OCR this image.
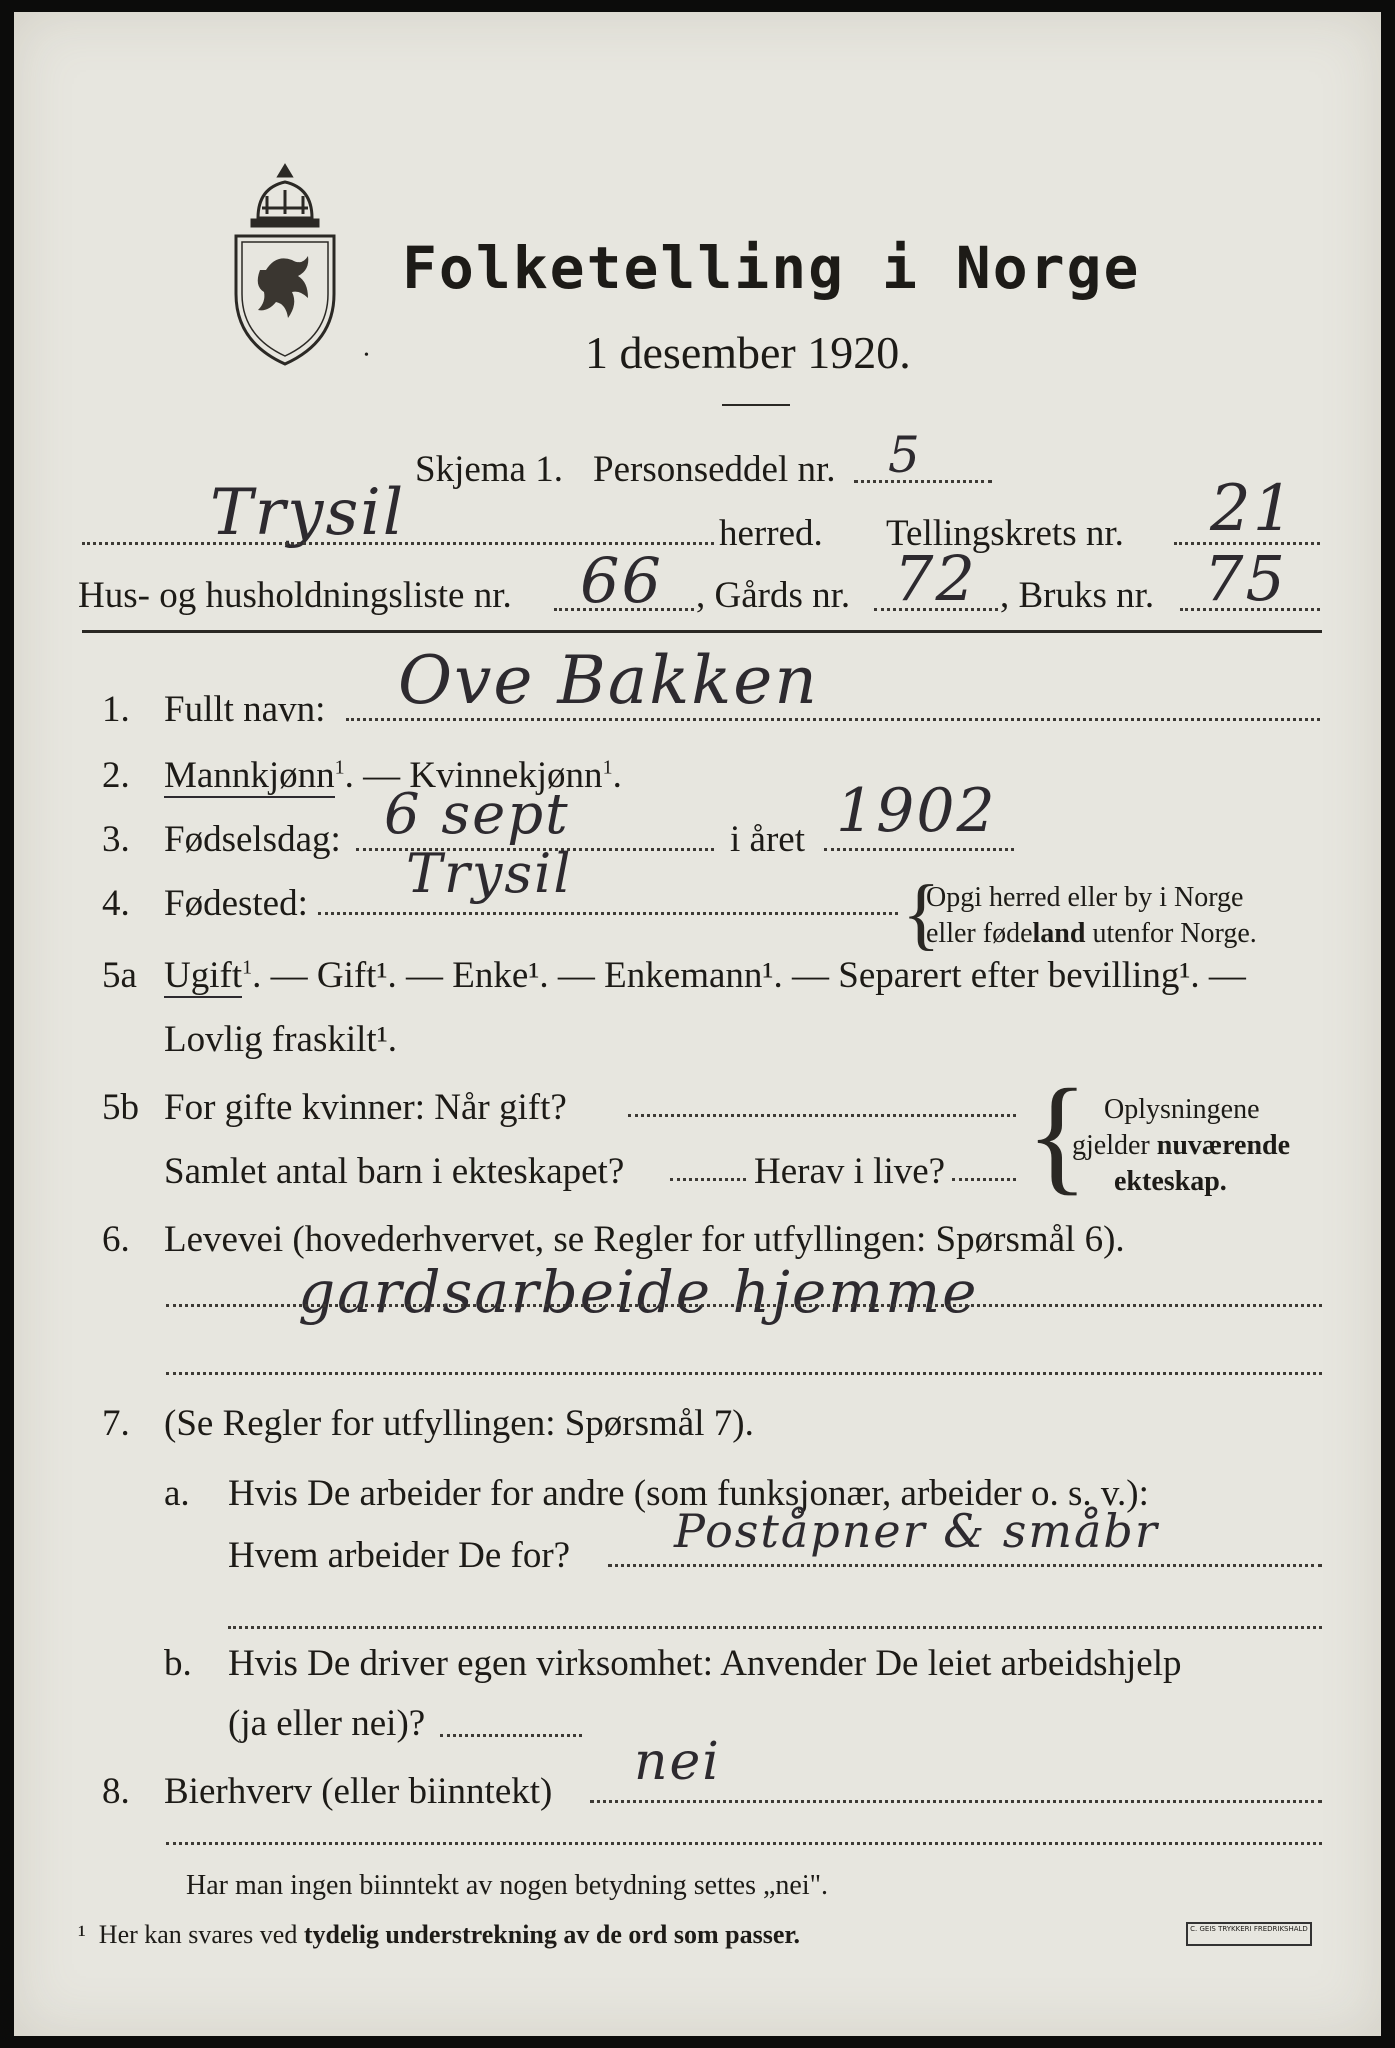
Folketelling i Norge
1 desember 1920.
•
Skjema 1. Personseddel nr. 5
Trysil	herred. Tellingskrets nr. 21
Hus- og husholdningsliste nr. 66 , Gårds nr. 72 , Bruks nr. 75
1. Fullt navn: Ove Bakken
2. Mannkjønn$^1$. — Kvinnekjønn$^1$.
3. Fødselsdag: 6 sept	i året 1902
4. Fødested: Trysil	{
Opgi herred eller by i Norge
eller fødeland utenfor Norge.
5a Ugift$^1$. — Gift¹. — Enke¹. — Enkemann¹. — Separert efter bevilling¹. —
Lovlig fraskilt¹.
5b For gifte kvinner: Når gift?
Samlet antal barn i ekteskapet?	Herav i live? { Oplysningene
gjelder nuværende
ekteskap.
6. Levevei (hovederhvervet, se Regler for utfyllingen: Spørsmål 6).
gardsarbeide hjemme
7. (Se Regler for utfyllingen: Spørsmål 7).
a. Hvis De arbeider for andre (som funksjonær, arbeider o. s. v.):
Hvem arbeider De for? Poståpner & småbr
b. Hvis De driver egen virksomhet: Anvender De leiet arbeidshjelp
(ja eller nei)?
8. Bierhverv (eller biinntekt) nei
Har man ingen biinntekt av nogen betydning settes „nei".
¹ Her kan svares ved tydelig understrekning av de ord som passer.	C. GEIS TRYKKERI FREDRIKSHALD
